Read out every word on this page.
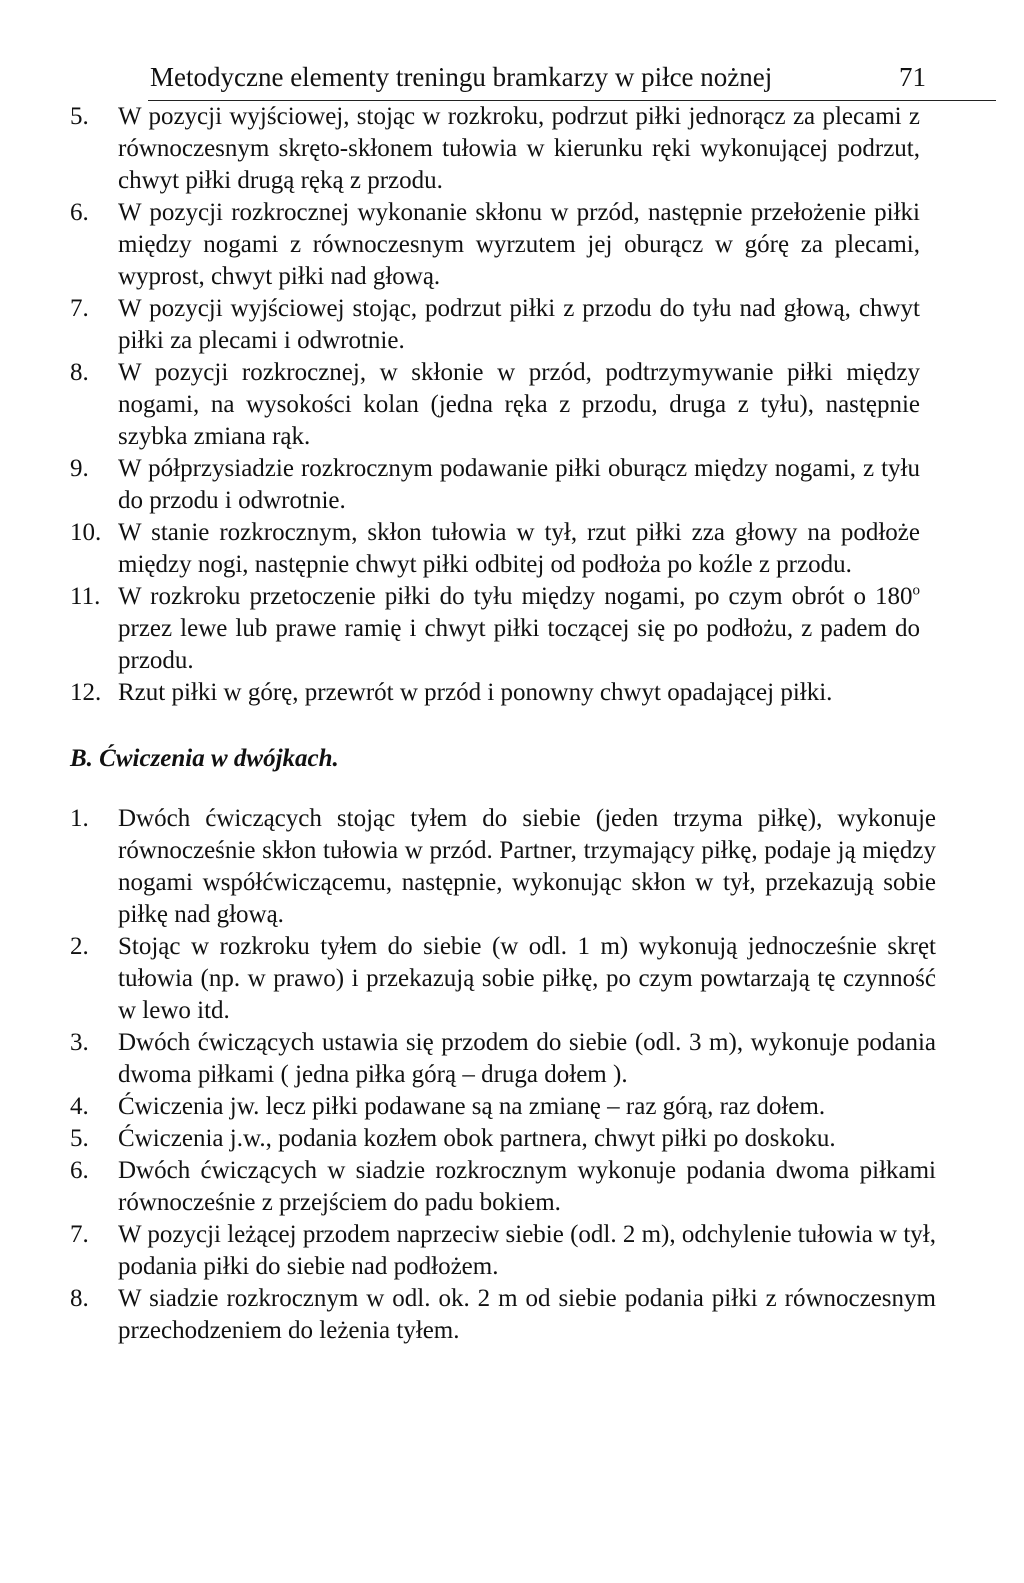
Metodyczne elementy treningu bramkarzy w piłce nożnej	71
5. W pozycji wyjściowej, stojąc w rozkroku, podrzut piłki jednorącz za plecami z równoczesnym skręto-skłonem tułowia w kierunku ręki wykonującej podrzut, chwyt piłki drugą ręką z przodu.
6. W pozycji rozkrocznej wykonanie skłonu w przód, następnie przełożenie piłki między nogami z równoczesnym wyrzutem jej oburącz w górę za plecami, wyprost, chwyt piłki nad głową.
7. W pozycji wyjściowej stojąc, podrzut piłki z przodu do tyłu nad głową, chwyt piłki za plecami i odwrotnie.
8. W pozycji rozkrocznej, w skłonie w przód, podtrzymywanie piłki między nogami, na wysokości kolan (jedna ręka z przodu, druga z tyłu), następnie szybka zmiana rąk.
9. W półprzysiadzie rozkrocznym podawanie piłki oburącz między nogami, z tyłu do przodu i odwrotnie.
10. W stanie rozkrocznym, skłon tułowia w tył, rzut piłki zza głowy na podłoże między nogi, następnie chwyt piłki odbitej od podłoża po koźle z przodu.
11. W rozkroku przetoczenie piłki do tyłu między nogami, po czym obrót o 180$^o$ przez lewe lub prawe ramię i chwyt piłki toczącej się po podłożu, z padem do przodu.
12. Rzut piłki w górę, przewrót w przód i ponowny chwyt opadającej piłki.
B. Ćwiczenia w dwójkach.
1. Dwóch ćwiczących stojąc tyłem do siebie (jeden trzyma piłkę), wykonuje równocześnie skłon tułowia w przód. Partner, trzymający piłkę, podaje ją między nogami współćwiczącemu, następnie, wykonując skłon w tył, przekazują sobie piłkę nad głową.
2. Stojąc w rozkroku tyłem do siebie (w odl. 1 m) wykonują jednocześnie skręt tułowia (np. w prawo) i przekazują sobie piłkę, po czym powtarzają tę czynność w lewo itd.
3. Dwóch ćwiczących ustawia się przodem do siebie (odl. 3 m), wykonuje podania dwoma piłkami ( jedna piłka górą – druga dołem ).
4. Ćwiczenia jw. lecz piłki podawane są na zmianę – raz górą, raz dołem.
5. Ćwiczenia j.w., podania kozłem obok partnera, chwyt piłki po doskoku.
6. Dwóch ćwiczących w siadzie rozkrocznym wykonuje podania dwoma piłkami równocześnie z przejściem do padu bokiem.
7. W pozycji leżącej przodem naprzeciw siebie (odl. 2 m), odchylenie tułowia w tył, podania piłki do siebie nad podłożem.
8. W siadzie rozkrocznym w odl. ok. 2 m od siebie podania piłki z równoczesnym przechodzeniem do leżenia tyłem.
